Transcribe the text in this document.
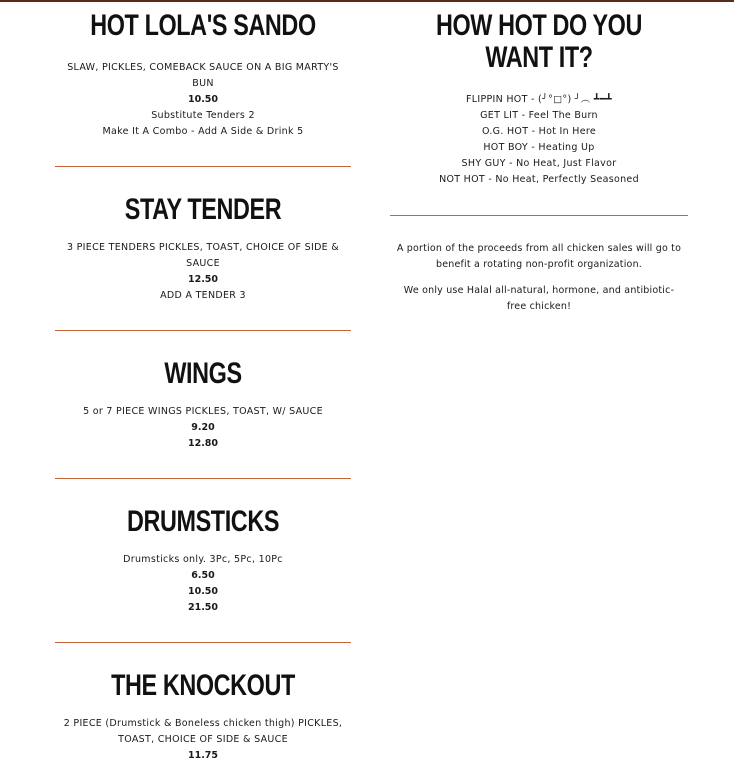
HOT LOLA'S SANDO
SLAW, PICKLES, COMEBACK SAUCE ON A BIG MARTY'S BUN
10.50
Substitute Tenders 2
Make It A Combo - Add A Side & Drink 5
STAY TENDER
3 PIECE TENDERS PICKLES, TOAST, CHOICE OF SIDE & SAUCE
12.50
ADD A TENDER 3
WINGS
5 or 7 PIECE WINGS PICKLES, TOAST, W/ SAUCE
9.20
12.80
DRUMSTICKS
Drumsticks only. 3Pc, 5Pc, 10Pc
6.50
10.50
21.50
THE KNOCKOUT
2 PIECE (Drumstick & Boneless chicken thigh) PICKLES, TOAST, CHOICE OF SIDE & SAUCE
11.75
HOW HOT DO YOU WANT IT?
FLIPPIN HOT - (╯°□°) ╯︵ ┻━┻
GET LIT - Feel The Burn
O.G. HOT - Hot In Here
HOT BOY - Heating Up
SHY GUY - No Heat, Just Flavor
NOT HOT - No Heat, Perfectly Seasoned
A portion of the proceeds from all chicken sales will go to benefit a rotating non-profit organization.
We only use Halal all-natural, hormone, and antibiotic-free chicken!
